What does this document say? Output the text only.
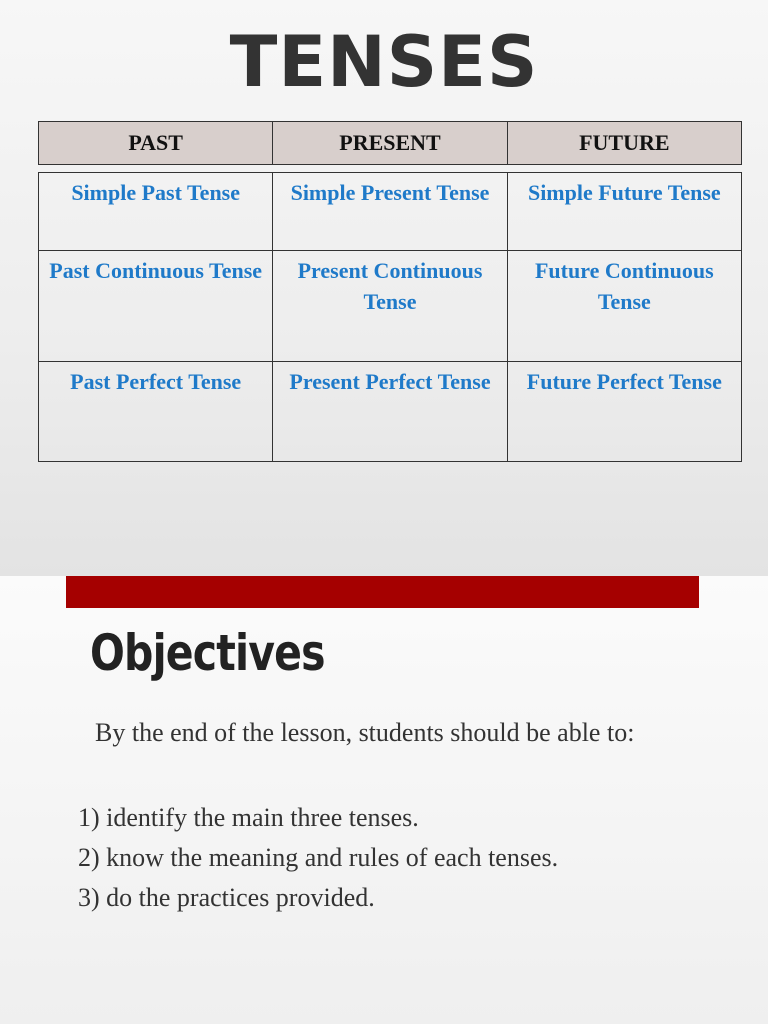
TENSES
PAST	PRESENT	FUTURE
Simple Past Tense	Simple Present Tense	Simple Future Tense
Past Continuous Tense	Present Continuous Tense	Future Continuous Tense
Past Perfect Tense	Present Perfect Tense	Future Perfect Tense
Objectives
By the end of the lesson, students should be able to:
1) identify the main three tenses.
2) know the meaning and rules of each tenses.
3) do the practices provided.
